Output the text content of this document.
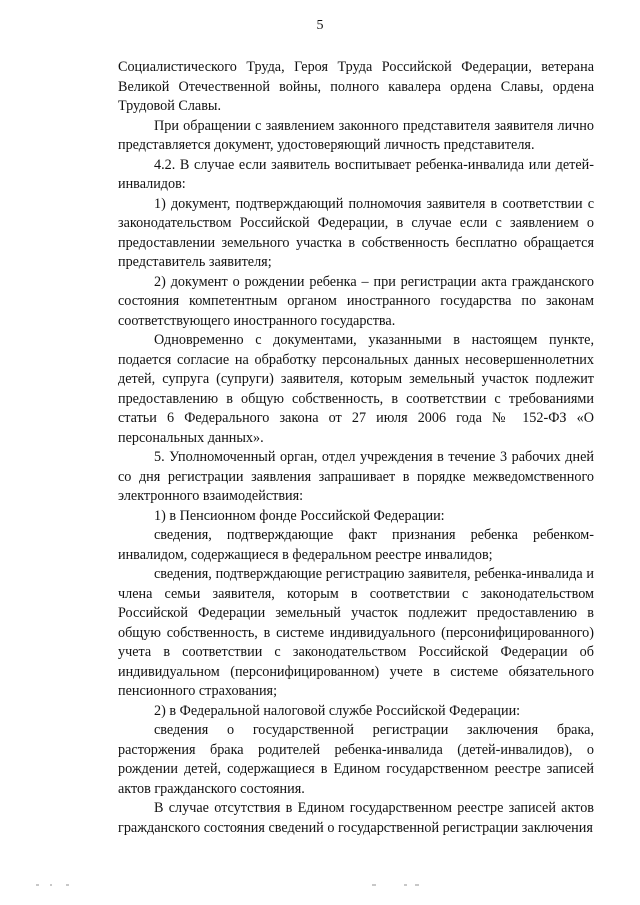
5

Социалистического Труда, Героя Труда Российской Федерации, ветерана Великой Отечественной войны, полного кавалера ордена Славы, ордена Трудовой Славы.

При обращении с заявлением законного представителя заявителя лично представляется документ, удостоверяющий личность представителя.

4.2. В случае если заявитель воспитывает ребенка-инвалида или детей-инвалидов:

1) документ, подтверждающий полномочия заявителя в соответствии с законодательством Российской Федерации, в случае если с заявлением о предоставлении земельного участка в собственность бесплатно обращается представитель заявителя;

2) документ о рождении ребенка – при регистрации акта гражданского состояния компетентным органом иностранного государства по законам соответствующего иностранного государства.

Одновременно с документами, указанными в настоящем пункте, подается согласие на обработку персональных данных несовершеннолетних детей, супруга (супруги) заявителя, которым земельный участок подлежит предоставлению в общую собственность, в соответствии с требованиями статьи 6 Федерального закона от 27 июля 2006 года № 152-ФЗ «О персональных данных».

5. Уполномоченный орган, отдел учреждения в течение 3 рабочих дней со дня регистрации заявления запрашивает в порядке межведомственного электронного взаимодействия:

1) в Пенсионном фонде Российской Федерации:

сведения, подтверждающие факт признания ребенка ребенком-инвалидом, содержащиеся в федеральном реестре инвалидов;

сведения, подтверждающие регистрацию заявителя, ребенка-инвалида и члена семьи заявителя, которым в соответствии с законодательством Российской Федерации земельный участок подлежит предоставлению в общую собственность, в системе индивидуального (персонифицированного) учета в соответствии с законодательством Российской Федерации об индивидуальном (персонифицированном) учете в системе обязательного пенсионного страхования;

2) в Федеральной налоговой службе Российской Федерации:

сведения о государственной регистрации заключения брака, расторжения брака родителей ребенка-инвалида (детей-инвалидов), о рождении детей, содержащиеся в Едином государственном реестре записей актов гражданского состояния.

В случае отсутствия в Едином государственном реестре записей актов гражданского состояния сведений о государственной регистрации заключения
